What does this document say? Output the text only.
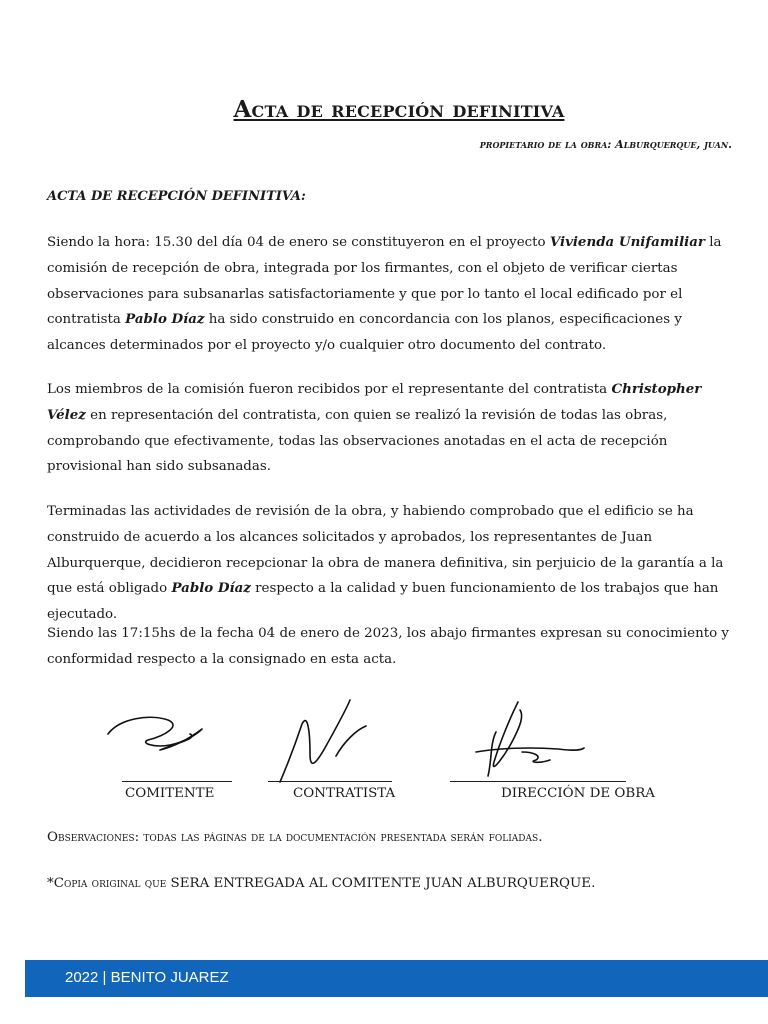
Acta de recepción definitiva
propietario de la obra: Alburquerque, juan.
ACTA DE RECEPCIÓN DEFINITIVA:

Siendo la hora: 15.30 del día 04 de enero se constituyeron en el proyecto Vivienda Unifamiliar la comisión de recepción de obra, integrada por los firmantes, con el objeto de verificar ciertas observaciones para subsanarlas satisfactoriamente y que por lo tanto el local edificado por el contratista Pablo Díaz ha sido construido en concordancia con los planos, especificaciones y alcances determinados por el proyecto y/o cualquier otro documento del contrato.

Los miembros de la comisión fueron recibidos por el representante del contratista Christopher Vélez en representación del contratista, con quien se realizó la revisión de todas las obras, comprobando que efectivamente, todas las observaciones anotadas en el acta de recepción provisional han sido subsanadas.

Terminadas las actividades de revisión de la obra, y habiendo comprobado que el edificio se ha construido de acuerdo a los alcances solicitados y aprobados, los representantes de Juan Alburquerque, decidieron recepcionar la obra de manera definitiva, sin perjuicio de la garantía a la que está obligado Pablo Díaz respecto a la calidad y buen funcionamiento de los trabajos que han ejecutado.

Siendo las 17:15hs de la fecha 04 de enero de 2023, los abajo firmantes expresan su conocimiento y conformidad respecto a la consignado en esta acta.

COMITENTE	CONTRATISTA	DIRECCIÓN DE OBRA
Observaciones: todas las páginas de la documentación presentada serán foliadas.
*Copia original que SERA ENTREGADA AL COMITENTE JUAN ALBURQUERQUE.
2022 | BENITO JUAREZ
